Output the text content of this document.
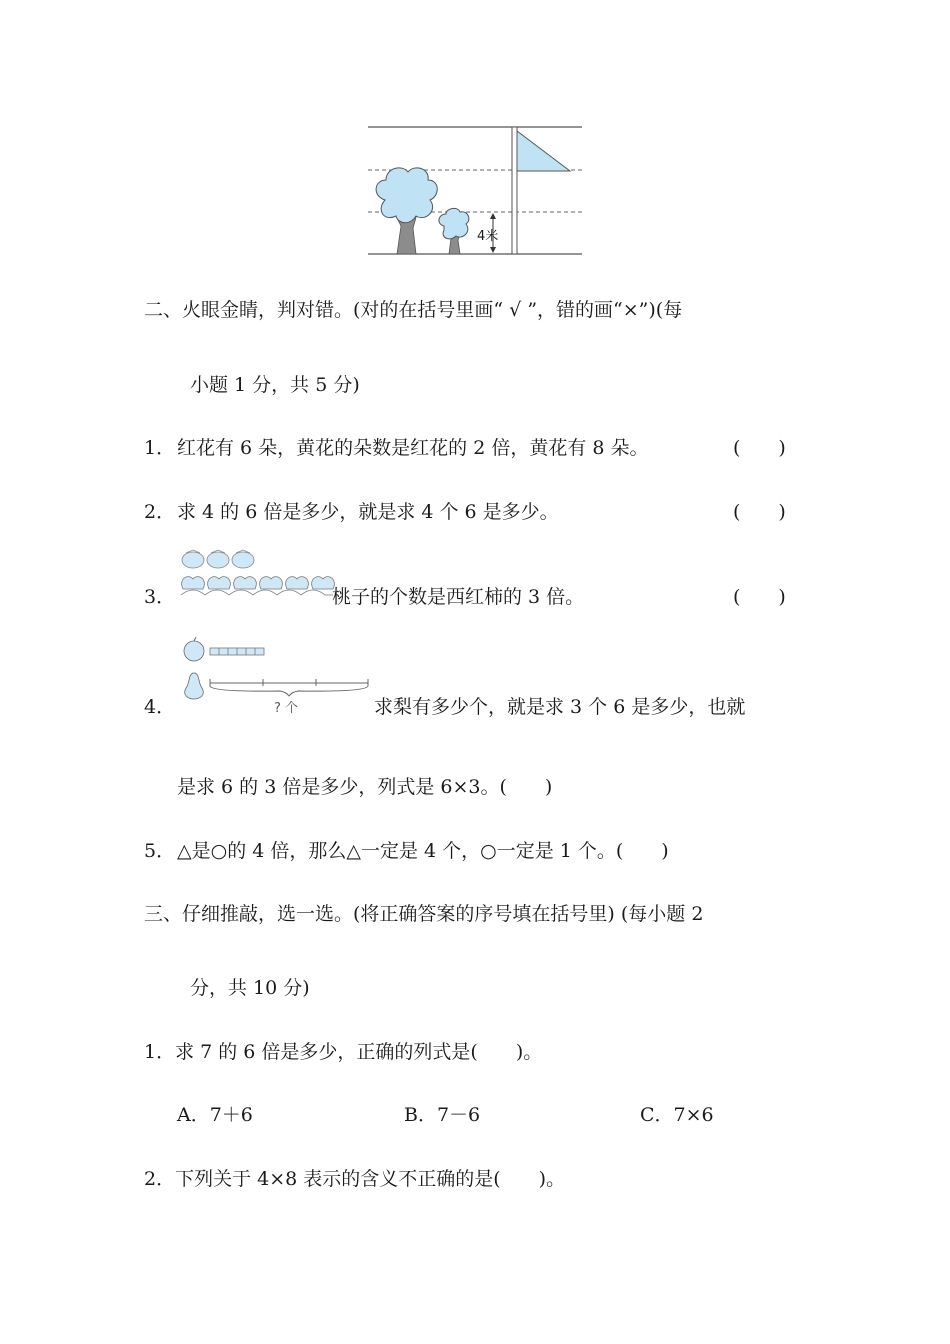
4米
二、火眼金睛，判对错。(对的在括号里画“ √ ”，错的画“×”)(每
小题 1 分，共 5 分)
1． 红花有 6 朵，黄花的朵数是红花的 2 倍，黄花有 8 朵。	(　　)
2． 求 4 的 6 倍是多少，就是求 4 个 6 是多少。	(　　)
3．	桃子的个数是西红柿的 3 倍。	(　　)
? 个
4．	求梨有多少个，就是求 3 个 6 是多少，也就
是求 6 的 3 倍是多少，列式是 6×3。(　　)
5． △是○的 4 倍，那么△一定是 4 个，○一定是 1 个。(　　)
三、仔细推敲，选一选。(将正确答案的序号填在括号里) (每小题 2
分，共 10 分)
1．求 7 的 6 倍是多少，正确的列式是(　　)。
A．7＋6	B．7－6	C．7×6
2．下列关于 4×8 表示的含义不正确的是(　　)。
